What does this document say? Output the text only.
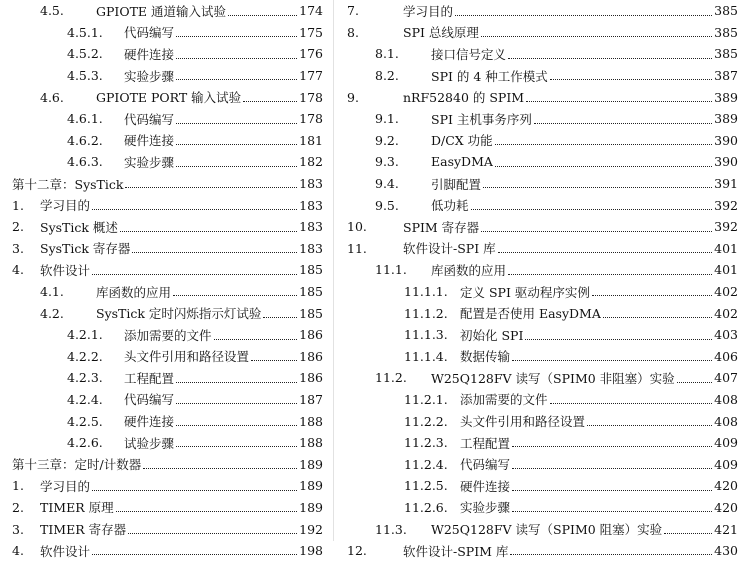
4.5.	GPIOTE 通道输入试验	174
4.5.1.	代码编写	175
4.5.2.	硬件连接	176
4.5.3.	实验步骤	177
4.6.	GPIOTE PORT 输入试验	178
4.6.1.	代码编写	178
4.6.2.	硬件连接	181
4.6.3.	实验步骤	182
第十二章：SysTick	183
1.	学习目的	183
2.	SysTick 概述	183
3.	SysTick 寄存器	183
4.	软件设计	185
4.1.	库函数的应用	185
4.2.	SysTick 定时闪烁指示灯试验	185
4.2.1.	添加需要的文件	186
4.2.2.	头文件引用和路径设置	186
4.2.3.	工程配置	186
4.2.4.	代码编写	187
4.2.5.	硬件连接	188
4.2.6.	试验步骤	188
第十三章：定时/计数器	189
1.	学习目的	189
2.	TIMER 原理	189
3.	TIMER 寄存器	192
4.	软件设计	198
7.	学习目的	385
8.	SPI 总线原理	385
8.1.	接口信号定义	385
8.2.	SPI 的 4 种工作模式	387
9.	nRF52840 的 SPIM	389
9.1.	SPI 主机事务序列	389
9.2.	D/CX 功能	390
9.3.	EasyDMA	390
9.4.	引脚配置	391
9.5.	低功耗	392
10.	SPIM 寄存器	392
11.	软件设计-SPI 库	401
11.1.	库函数的应用	401
11.1.1. 定义 SPI 驱动程序实例	402
11.1.2. 配置是否使用 EasyDMA	402
11.1.3. 初始化 SPI	403
11.1.4. 数据传输	406
11.2.	W25Q128FV 读写（SPIM0 非阻塞）实验	407
11.2.1. 添加需要的文件	408
11.2.2. 头文件引用和路径设置	408
11.2.3. 工程配置	409
11.2.4. 代码编写	409
11.2.5. 硬件连接	420
11.2.6. 实验步骤	420
11.3.	W25Q128FV 读写（SPIM0 阻塞）实验	421
12.	软件设计-SPIM 库	430
